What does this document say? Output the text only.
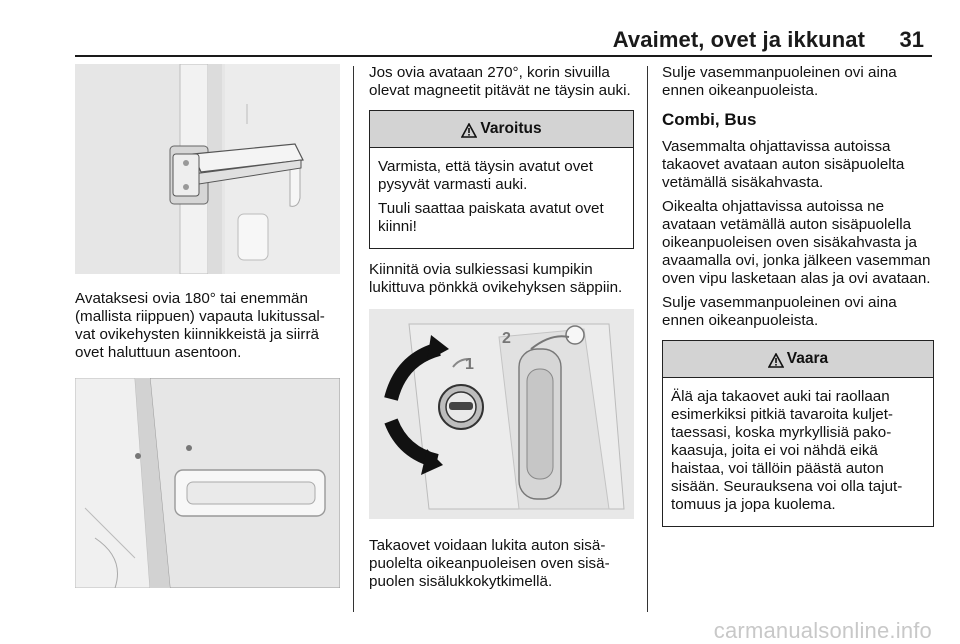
Avaimet, ovet ja ikkunat 31

Avataksesi ovia 180° tai enemmän (mallista riippuen) vapauta lukitussal-vat ovikehysten kiinnikkeistä ja siirrä ovet haluttuun asentoon.

Jos ovia avataan 270°, korin sivuilla olevat magneetit pitävät ne täysin auki.

Varoitus

Varmista, että täysin avatut ovet pysyvät varmasti auki.

Tuuli saattaa paiskata avatut ovet kiinni!

Kiinnitä ovia sulkiessasi kumpikin lukittuva pönkkä ovikehyksen säppiin.

1
2

Takaovet voidaan lukita auton sisä-puolelta oikeanpuoleisen oven sisä-puolen sisälukkokytkimellä.

Sulje vasemmanpuoleinen ovi aina ennen oikeanpuoleista.

Combi, Bus

Vasemmalta ohjattavissa autoissa takaovet avataan auton sisäpuolelta vetämällä sisäkahvasta.

Oikealta ohjattavissa autoissa ne avataan vetämällä auton sisäpuolella oikeanpuoleisen oven sisäkahvasta ja avaamalla ovi, jonka jälkeen vasemman oven vipu lasketaan alas ja ovi avataan.

Sulje vasemmanpuoleinen ovi aina ennen oikeanpuoleista.

Vaara

Älä aja takaovet auki tai raollaan esimerkiksi pitkiä tavaroita kuljet-taessasi, koska myrkyllisiä pako-kaasuja, joita ei voi nähdä eikä haistaa, voi tällöin päästä auton sisään. Seurauksena voi olla tajut-tomuus ja jopa kuolema.

carmanualsonline.info
